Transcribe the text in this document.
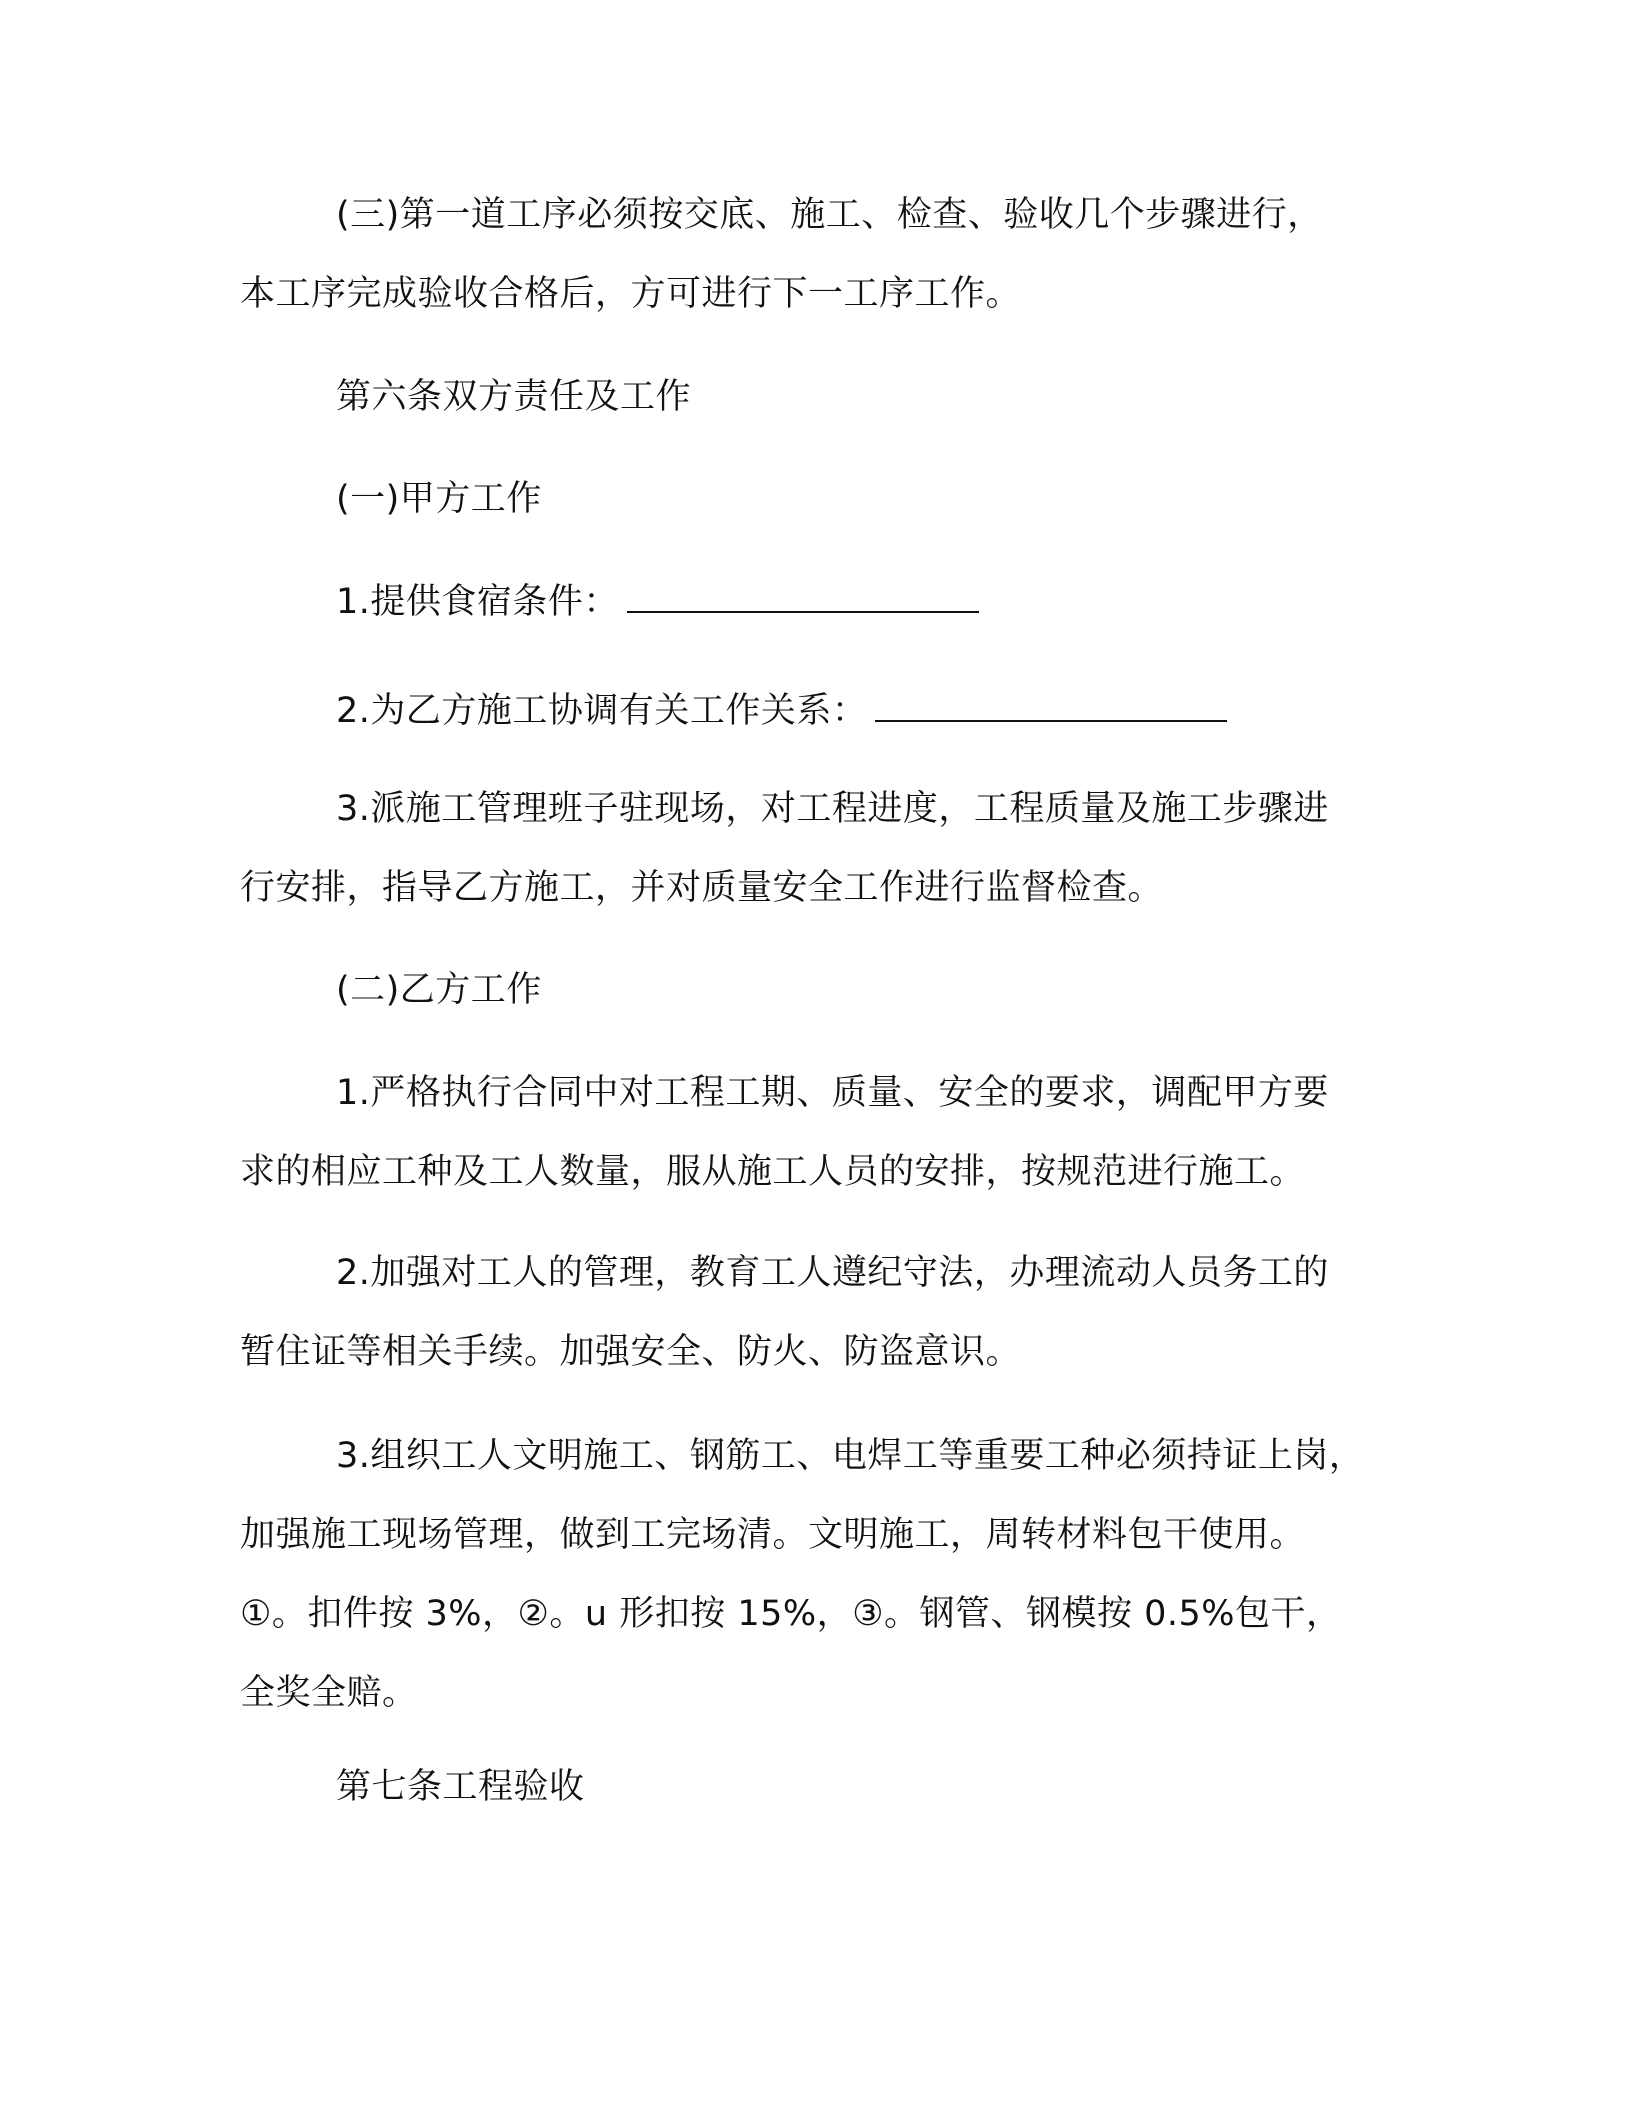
(三)第一道工序必须按交底、施工、检查、验收几个步骤进行，
本工序完成验收合格后，方可进行下一工序工作。
第六条双方责任及工作
(一)甲方工作
1.提供食宿条件：
2.为乙方施工协调有关工作关系：
3.派施工管理班子驻现场，对工程进度，工程质量及施工步骤进
行安排，指导乙方施工，并对质量安全工作进行监督检查。
(二)乙方工作
1.严格执行合同中对工程工期、质量、安全的要求，调配甲方要
求的相应工种及工人数量，服从施工人员的安排，按规范进行施工。
2.加强对工人的管理，教育工人遵纪守法，办理流动人员务工的
暂住证等相关手续。加强安全、防火、防盗意识。
3.组织工人文明施工、钢筋工、电焊工等重要工种必须持证上岗，
加强施工现场管理，做到工完场清。文明施工，周转材料包干使用。
①。扣件按 3%，②。u 形扣按 15%，③。钢管、钢模按 0.5%包干，
全奖全赔。
第七条工程验收
